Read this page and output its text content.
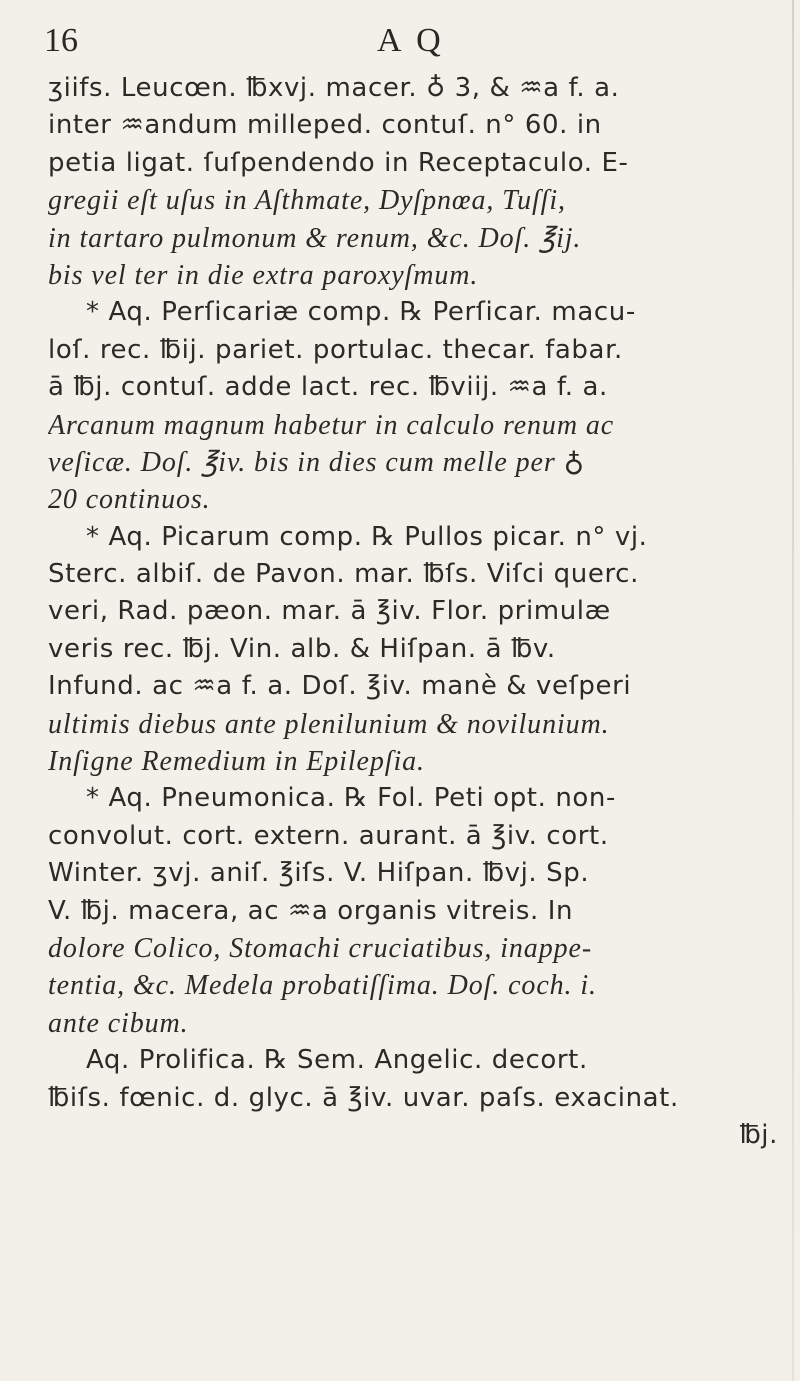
16	A Q
ʒiifs. Leucœn. ℔xvj. macer. ♁ 3, & ♒a f. a.
inter ♒andum milleped. contuſ. n° 60. in
petia ligat. ſuſpendendo in Receptaculo. E-
gregii eſt uſus in Aſthmate, Dyſpnœa, Tuſſi,
in tartaro pulmonum & renum, &c. Doſ. ℥ij.
bis vel ter in die extra paroxyſmum.
* Aq. Perſicariæ comp. ℞ Perſicar. macu-
loſ. rec. ℔ij. pariet. portulac. thecar. fabar.
ā ℔j. contuſ. adde lact. rec. ℔viij. ♒a f. a.
Arcanum magnum habetur in calculo renum ac
veſicæ. Doſ. ℥iv. bis in dies cum melle per ♁
20 continuos.
* Aq. Picarum comp. ℞ Pullos picar. n° vj.
Sterc. albiſ. de Pavon. mar. ℔ſs. Viſci querc.
veri, Rad. pæon. mar. ā ℥iv. Flor. primulæ
veris rec. ℔j. Vin. alb. & Hiſpan. ā ℔v.
Infund. ac ♒a f. a. Doſ. ℥iv. manè & veſperi
ultimis diebus ante plenilunium & novilunium.
Inſigne Remedium in Epilepſia.
* Aq. Pneumonica. ℞ Fol. Peti opt. non-
convolut. cort. extern. aurant. ā ℥iv. cort.
Winter. ʒvj. aniſ. ℥iſs. V. Hiſpan. ℔vj. Sp.
V. ℔j. macera, ac ♒a organis vitreis. In
dolore Colico, Stomachi cruciatibus, inappe-
tentia, &c. Medela probatiſſima. Doſ. coch. i.
ante cibum.
Aq. Prolifica. ℞ Sem. Angelic. decort.
℔iſs. fœnic. d. glyc. ā ℥iv. uvar. paſs. exacinat.
℔j.
